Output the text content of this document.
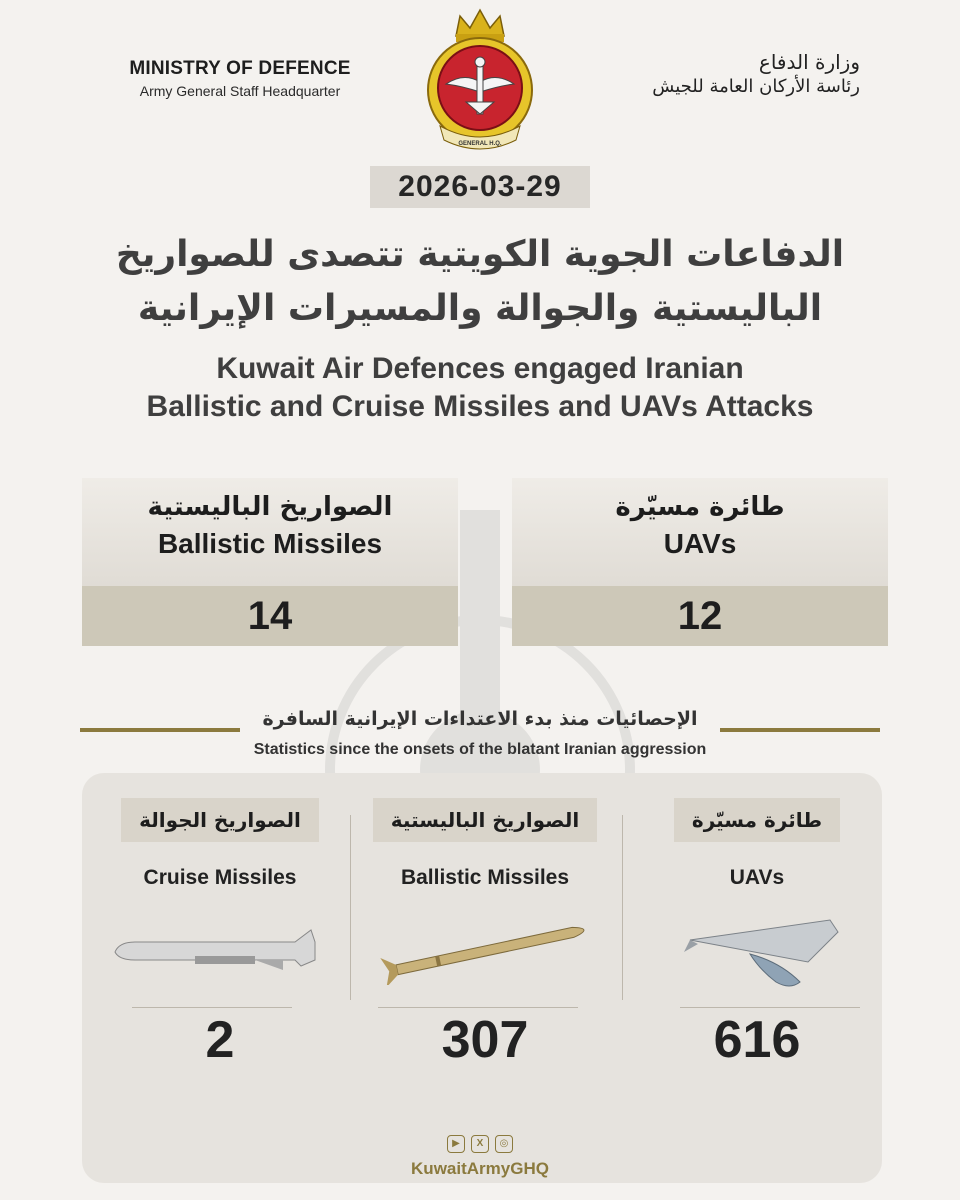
MINISTRY OF DEFENCE
Army General Staff Headquarter
GENERAL H.Q.
وزارة الدفاع
رئاسة الأركان العامة للجيش
2026-03-29
الدفاعات الجوية الكويتية تتصدى للصواريخ
الباليستية والجوالة والمسيرات الإيرانية
Kuwait Air Defences engaged Iranian
Ballistic and Cruise Missiles and UAVs Attacks
الصواريخ الباليستية
Ballistic Missiles
14
طائرة مسيّرة
UAVs
12
الإحصائيات منذ بدء الاعتداءات الإيرانية السافرة
Statistics since the onsets of the blatant Iranian aggression
الصواريخ الجوالة
Cruise Missiles
2
الصواريخ الباليستية
Ballistic Missiles
307
طائرة مسيّرة
UAVs
616
▶	X	◎
KuwaitArmyGHQ
